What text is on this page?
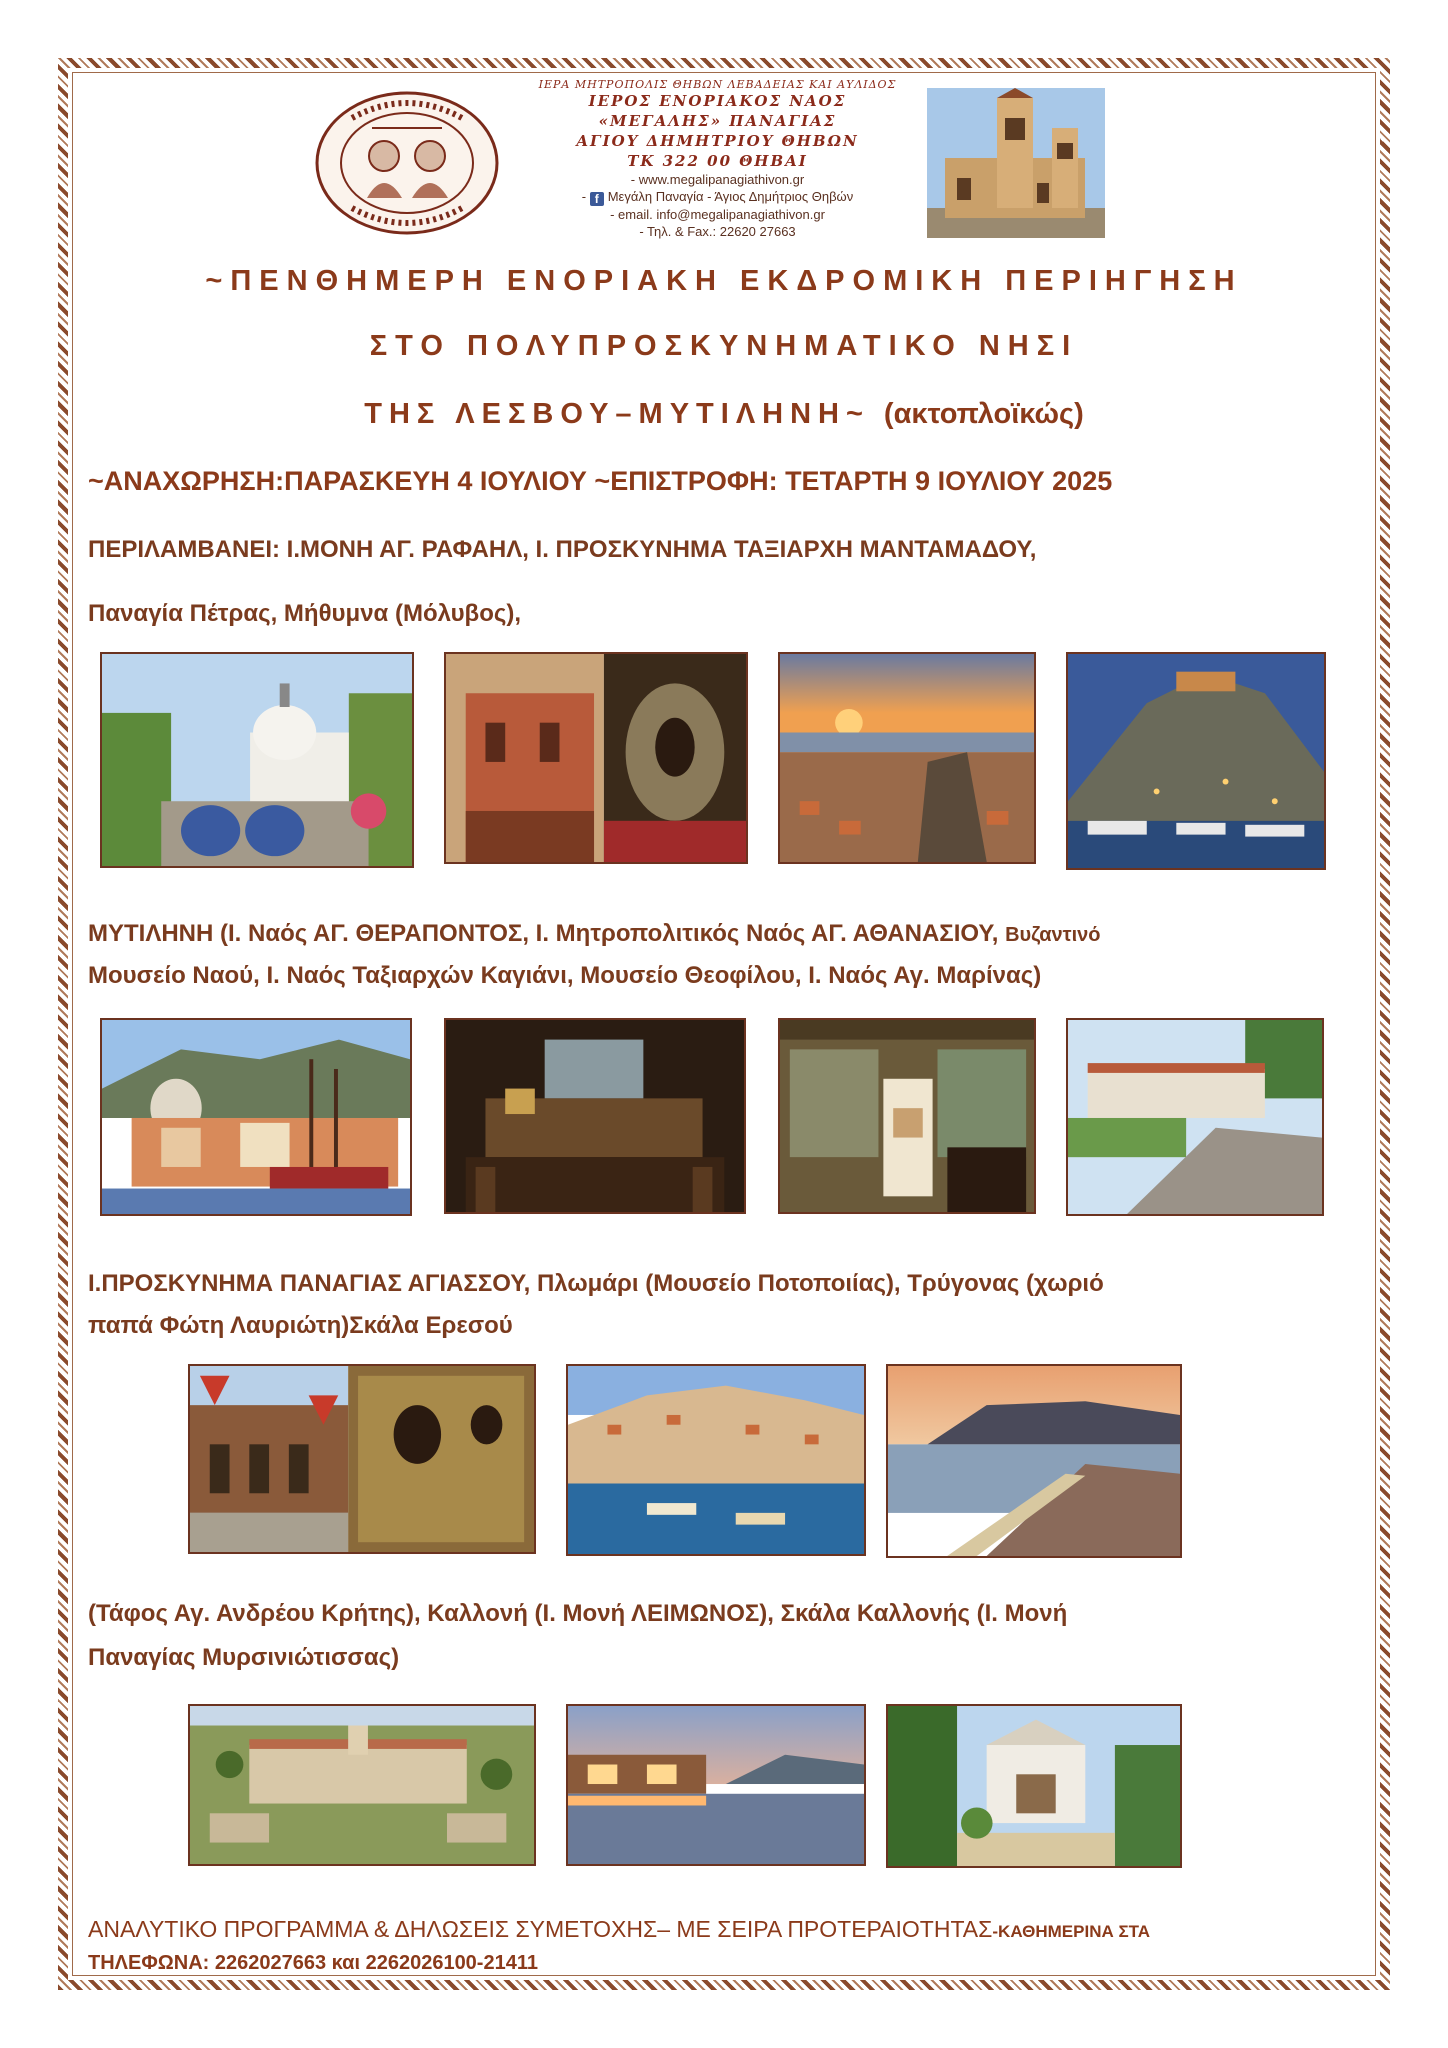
ΙΕΡΑ ΜΗΤΡΟΠΟΛΙΣ ΘΗΒΩΝ ΛΕΒΑΔΕΙΑΣ ΚΑΙ ΑΥΛΙΔΟΣ
ΙΕΡΟΣ ΕΝΟΡΙΑΚΟΣ ΝΑΟΣ
«ΜΕΓΑΛΗΣ» ΠΑΝΑΓΙΑΣ
ΑΓΙΟΥ ΔΗΜΗΤΡΙΟΥ ΘΗΒΩΝ
ΤΚ 322 00 ΘΗΒΑΙ
- www.megalipanagiathivon.gr
- f Μεγάλη Παναγία - Άγιος Δημήτριος Θηβών
- email. info@megalipanagiathivon.gr
- Τηλ. & Fax.: 22620 27663
~ΠΕΝΘΗΜΕΡΗ ΕΝΟΡΙΑΚΗ ΕΚΔΡΟΜΙΚΗ ΠΕΡΙΗΓΗΣΗ
ΣΤΟ ΠΟΛΥΠΡΟΣΚΥΝΗΜΑΤΙΚΟ ΝΗΣΙ
ΤΗΣ ΛΕΣΒΟΥ–ΜΥΤΙΛΗΝΗ~ (ακτοπλοϊκώς)
~ΑΝΑΧΩΡΗΣΗ:ΠΑΡΑΣΚΕΥΗ 4 ΙΟΥΛΙΟΥ ~ΕΠΙΣΤΡΟΦΗ: ΤΕΤΑΡΤΗ 9 ΙΟΥΛΙΟΥ 2025
ΠΕΡΙΛΑΜΒΑΝΕΙ: Ι.ΜΟΝΗ ΑΓ. ΡΑΦΑΗΛ, Ι. ΠΡΟΣΚΥΝΗΜΑ ΤΑΞΙΑΡΧΗ ΜΑΝΤΑΜΑΔΟΥ,
Παναγία Πέτρας, Μήθυμνα (Μόλυβος),
ΜΥΤΙΛΗΝΗ (Ι. Ναός ΑΓ. ΘΕΡΑΠΟΝΤΟΣ, Ι. Μητροπολιτικός Ναός ΑΓ. ΑΘΑΝΑΣΙΟΥ, Βυζαντινό
Μουσείο Ναού, Ι. Ναός Ταξιαρχών Καγιάνι, Μουσείο Θεοφίλου, Ι. Ναός Αγ. Μαρίνας)
Ι.ΠΡΟΣΚΥΝΗΜΑ ΠΑΝΑΓΙΑΣ ΑΓΙΑΣΣΟΥ, Πλωμάρι (Μουσείο Ποτοποιίας), Τρύγονας (χωριό
παπά Φώτη Λαυριώτη)Σκάλα Ερεσού
(Τάφος Αγ. Ανδρέου Κρήτης), Καλλονή (Ι. Μονή ΛΕΙΜΩΝΟΣ), Σκάλα Καλλονής (Ι. Μονή
Παναγίας Μυρσινιώτισσας)
ΑΝΑΛΥΤΙΚΟ ΠΡΟΓΡΑΜΜΑ & ΔΗΛΩΣΕΙΣ ΣΥΜΕΤΟΧΗΣ– ΜΕ ΣΕΙΡΑ ΠΡΟΤΕΡΑΙΟΤΗΤΑΣ-ΚΑΘΗΜΕΡΙΝΑ ΣΤΑ
ΤΗΛΕΦΩΝΑ: 2262027663 και 2262026100-21411
